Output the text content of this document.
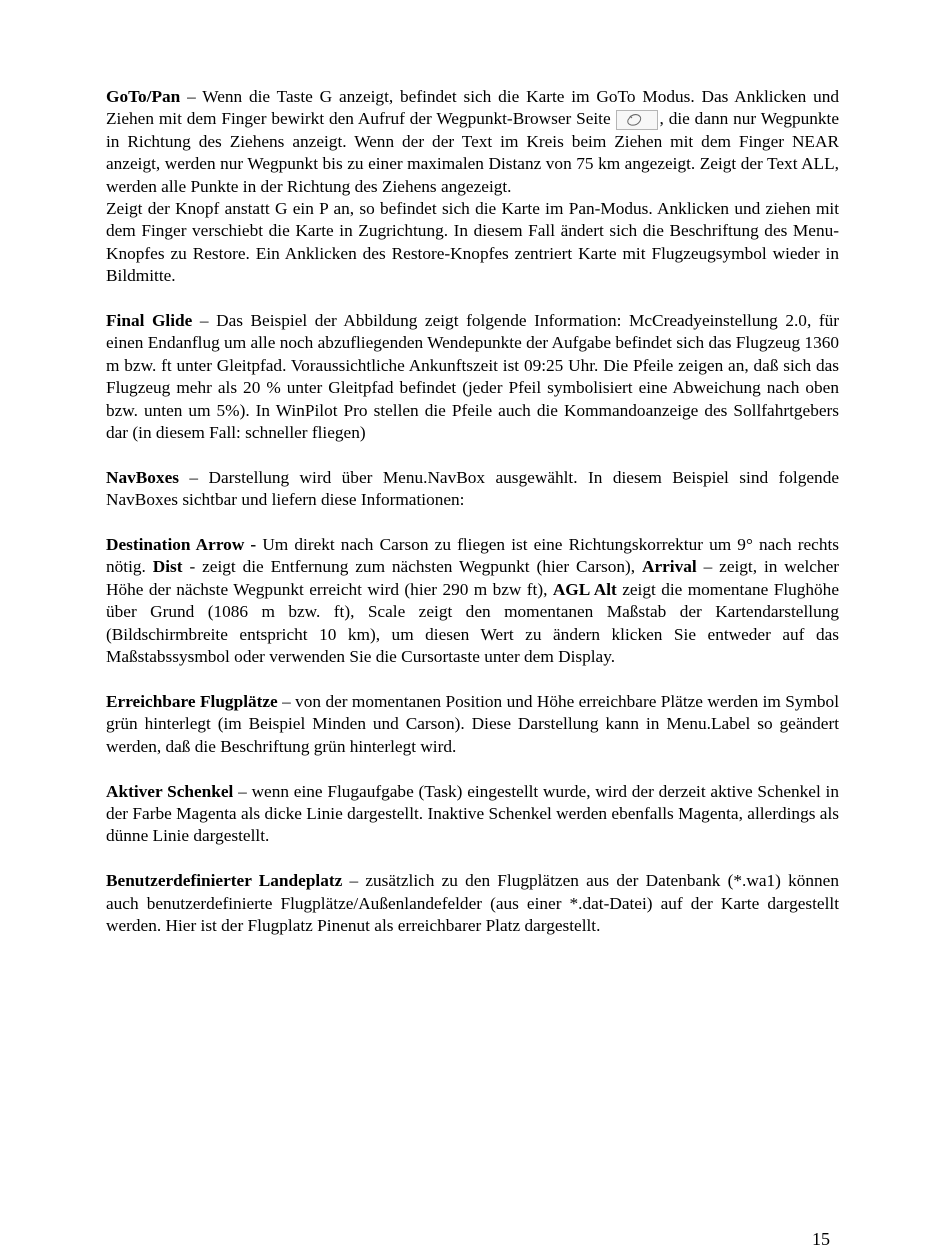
GoTo/Pan – Wenn die Taste G anzeigt, befindet sich die Karte im GoTo Modus. Das Anklicken und Ziehen mit dem Finger bewirkt den Aufruf der Wegpunkt-Browser Seite	, die dann nur Wegpunkte in Richtung des Ziehens anzeigt. Wenn der der Text im Kreis beim Ziehen mit dem Finger NEAR anzeigt, werden nur Wegpunkt bis zu einer maximalen Distanz von 75 km angezeigt. Zeigt der Text ALL, werden alle Punkte in der Richtung des Ziehens angezeigt.

Zeigt der Knopf anstatt G ein P an, so befindet sich die Karte im Pan-Modus. Anklicken und ziehen mit dem Finger verschiebt die Karte in Zugrichtung. In diesem Fall ändert sich die Beschriftung des Menu-Knopfes zu Restore. Ein Anklicken des Restore-Knopfes zentriert Karte mit Flugzeugsymbol wieder in Bildmitte.

Final Glide – Das Beispiel der Abbildung zeigt folgende Information: McCreadyeinstellung 2.0, für einen Endanflug um alle noch abzufliegenden Wendepunkte der Aufgabe befindet sich das Flugzeug 1360 m bzw. ft unter Gleitpfad. Voraussichtliche Ankunftszeit ist 09:25 Uhr. Die Pfeile zeigen an, daß sich das Flugzeug mehr als 20 % unter Gleitpfad befindet (jeder Pfeil symbolisiert eine Abweichung nach oben bzw. unten um 5%). In WinPilot Pro stellen die Pfeile auch die Kommandoanzeige des Sollfahrtgebers dar (in diesem Fall: schneller fliegen)

NavBoxes – Darstellung wird über Menu.NavBox ausgewählt. In diesem Beispiel sind folgende NavBoxes sichtbar und liefern diese Informationen:

Destination Arrow - Um direkt nach Carson zu fliegen ist eine Richtungskorrektur um 9° nach rechts nötig. Dist - zeigt die Entfernung zum nächsten Wegpunkt (hier Carson), Arrival – zeigt, in welcher Höhe der nächste Wegpunkt erreicht wird (hier 290 m bzw ft), AGL Alt zeigt die momentane Flughöhe über Grund (1086 m bzw. ft), Scale zeigt den momentanen Maßstab der Kartendarstellung (Bildschirmbreite entspricht 10 km), um diesen Wert zu ändern klicken Sie entweder auf das Maßstabssysmbol oder verwenden Sie die Cursortaste unter dem Display.

Erreichbare Flugplätze – von der momentanen Position und Höhe erreichbare Plätze werden im Symbol grün hinterlegt (im Beispiel Minden und Carson). Diese Darstellung kann in Menu.Label so geändert werden, daß die Beschriftung grün hinterlegt wird.

Aktiver Schenkel – wenn eine Flugaufgabe (Task) eingestellt wurde, wird der derzeit aktive Schenkel in der Farbe Magenta als dicke Linie dargestellt. Inaktive Schenkel werden ebenfalls Magenta, allerdings als dünne Linie dargestellt.

Benutzerdefinierter Landeplatz – zusätzlich zu den Flugplätzen aus der Datenbank (*.wa1) können auch benutzerdefinierte Flugplätze/Außenlandefelder (aus einer *.dat-Datei) auf der Karte dargestellt werden. Hier ist der Flugplatz Pinenut als erreichbarer Platz dargestellt.

15
